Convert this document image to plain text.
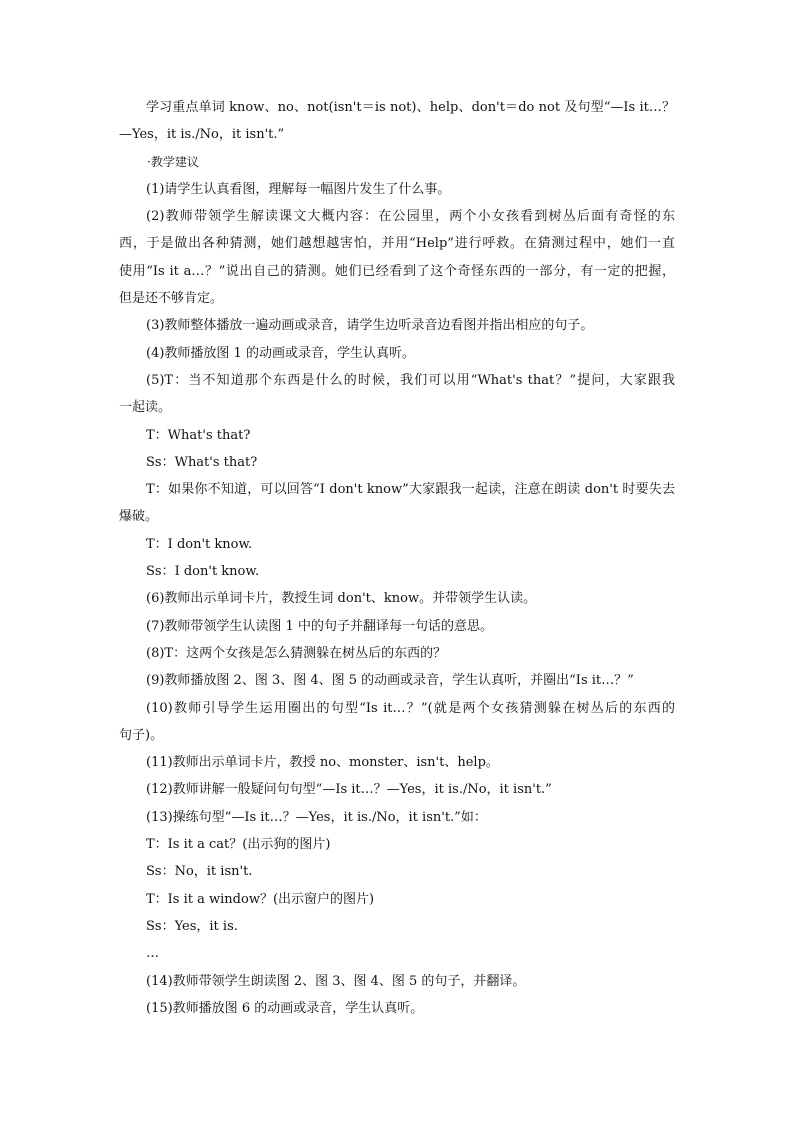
学习重点单词 know、no、not(isn't＝is not)、help、don't＝do not 及句型“—Is it…？
—Yes，it is./No，it isn't.”
·教学建议
(1)请学生认真看图，理解每一幅图片发生了什么事。
(2)教师带领学生解读课文大概内容：在公园里，两个小女孩看到树丛后面有奇怪的东
西，于是做出各种猜测，她们越想越害怕，并用“Help”进行呼救。在猜测过程中，她们一直
使用“Is it a…？”说出自己的猜测。她们已经看到了这个奇怪东西的一部分，有一定的把握，
但是还不够肯定。
(3)教师整体播放一遍动画或录音，请学生边听录音边看图并指出相应的句子。
(4)教师播放图 1 的动画或录音，学生认真听。
(5)T：当不知道那个东西是什么的时候，我们可以用“What's that？”提问，大家跟我
一起读。
T：What's that?
Ss：What's that?
T：如果你不知道，可以回答“I don't know”大家跟我一起读，注意在朗读 don't 时要失去
爆破。
T：I don't know.
Ss：I don't know.
(6)教师出示单词卡片，教授生词 don't、know。并带领学生认读。
(7)教师带领学生认读图 1 中的句子并翻译每一句话的意思。
(8)T：这两个女孩是怎么猜测躲在树丛后的东西的？
(9)教师播放图 2、图 3、图 4、图 5 的动画或录音，学生认真听，并圈出“Is it…？”
(10)教师引导学生运用圈出的句型“Is it…？”(就是两个女孩猜测躲在树丛后的东西的
句子)。
(11)教师出示单词卡片，教授 no、monster、isn't、help。
(12)教师讲解一般疑问句句型“—Is it…？—Yes，it is./No，it isn't.”
(13)操练句型“—Is it…？—Yes，it is./No，it isn't.”如：
T：Is it a cat？(出示狗的图片)
Ss：No，it isn't.
T：Is it a window？(出示窗户的图片)
Ss：Yes，it is.
…
(14)教师带领学生朗读图 2、图 3、图 4、图 5 的句子，并翻译。
(15)教师播放图 6 的动画或录音，学生认真听。
